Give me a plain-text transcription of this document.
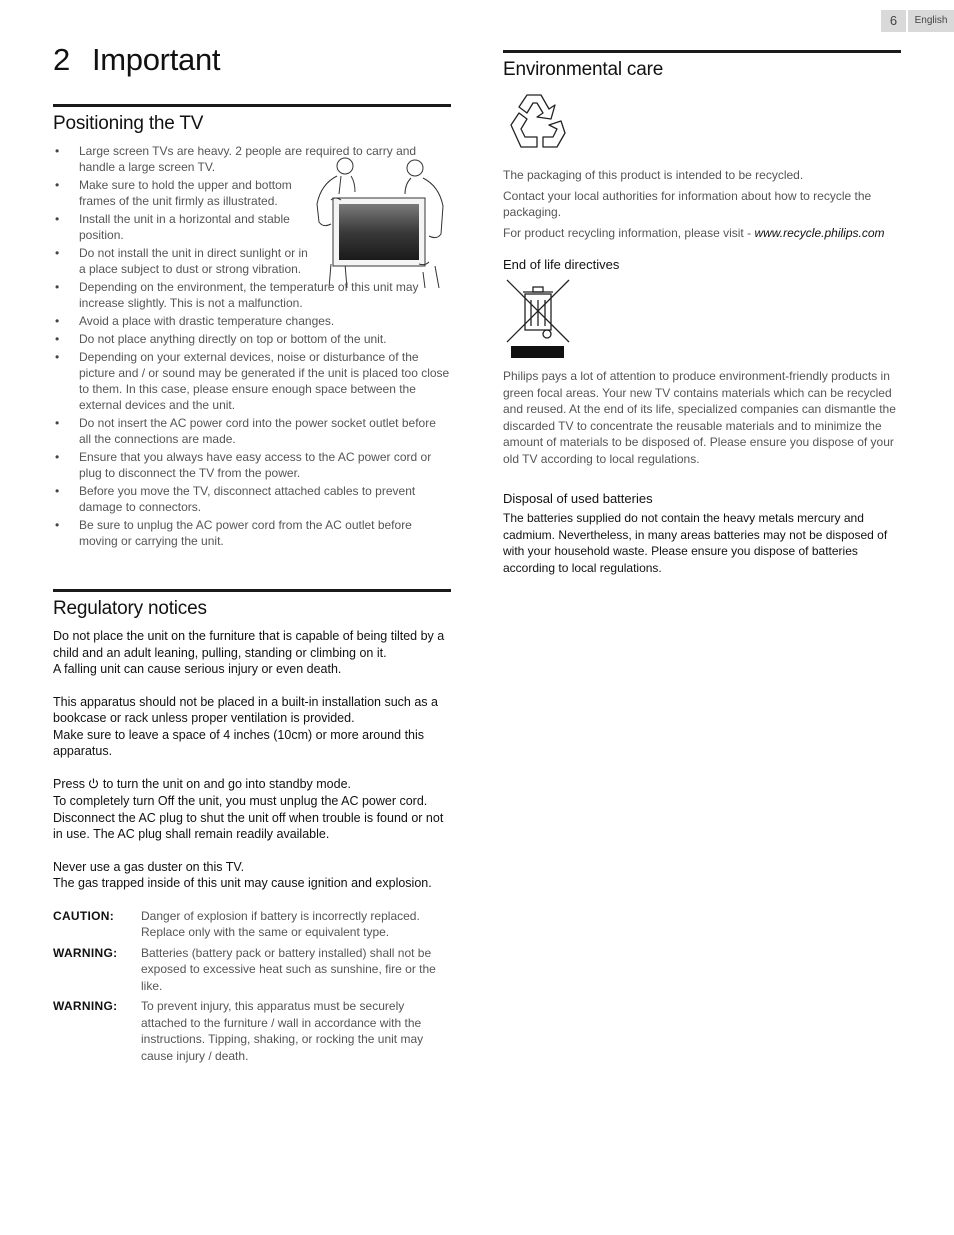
6	English
2 Important
Positioning the TV
• Large screen TVs are heavy. 2 people are required to carry and handle a large screen TV.
• Make sure to hold the upper and bottom frames of the unit firmly as illustrated.
• Install the unit in a horizontal and stable position.
• Do not install the unit in direct sunlight or in a place subject to dust or strong vibration.
• Depending on the environment, the temperature of this unit may increase slightly. This is not a malfunction.
• Avoid a place with drastic temperature changes.
• Do not place anything directly on top or bottom of the unit.
• Depending on your external devices, noise or disturbance of the picture and / or sound may be generated if the unit is placed too close to them. In this case, please ensure enough space between the external devices and the unit.
• Do not insert the AC power cord into the power socket outlet before all the connections are made.
• Ensure that you always have easy access to the AC power cord or plug to disconnect the TV from the power.
• Before you move the TV, disconnect attached cables to prevent damage to connectors.
• Be sure to unplug the AC power cord from the AC outlet before moving or carrying the unit.
Regulatory notices

Do not place the unit on the furniture that is capable of being tilted by a child and an adult leaning, pulling, standing or climbing on it.

A falling unit can cause serious injury or even death.

This apparatus should not be placed in a built-in installation such as a bookcase or rack unless proper ventilation is provided.

Make sure to leave a space of 4 inches (10cm) or more around this apparatus.

Press to turn the unit on and go into standby mode.

To completely turn Off the unit, you must unplug the AC power cord.

Disconnect the AC plug to shut the unit off when trouble is found or not in use. The AC plug shall remain readily available.

Never use a gas duster on this TV.

The gas trapped inside of this unit may cause ignition and explosion.

CAUTION:	Danger of explosion if battery is incorrectly replaced. Replace only with the same or equivalent type.
WARNING:	Batteries (battery pack or battery installed) shall not be exposed to excessive heat such as sunshine, fire or the like.
WARNING:	To prevent injury, this apparatus must be securely attached to the furniture / wall in accordance with the instructions. Tipping, shaking, or rocking the unit may cause injury / death.
Environmental care

The packaging of this product is intended to be recycled.

Contact your local authorities for information about how to recycle the packaging.

For product recycling information, please visit - www.recycle.philips.com

End of life directives

Philips pays a lot of attention to produce environment-friendly products in green focal areas. Your new TV contains materials which can be recycled and reused. At the end of its life, specialized companies can dismantle the discarded TV to concentrate the reusable materials and to minimize the amount of materials to be disposed of. Please ensure you dispose of your old TV according to local regulations.

Disposal of used batteries

The batteries supplied do not contain the heavy metals mercury and cadmium. Nevertheless, in many areas batteries may not be disposed of with your household waste. Please ensure you dispose of batteries according to local regulations.
